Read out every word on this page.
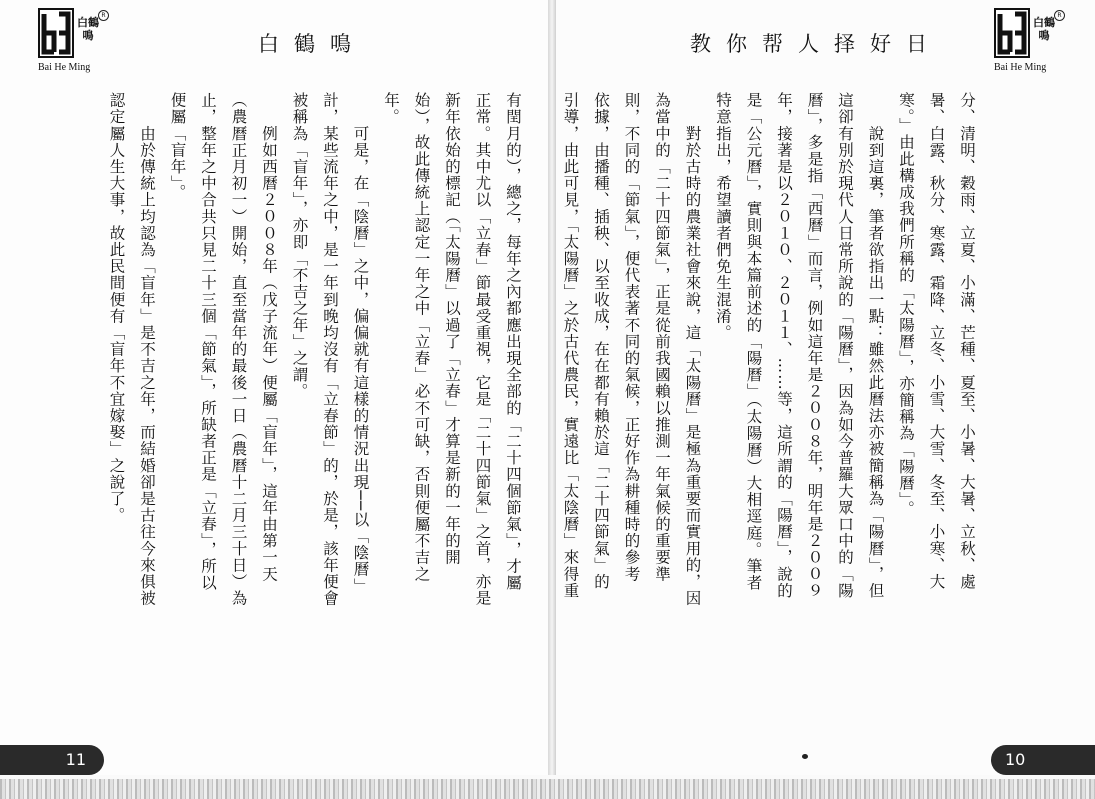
R
白鶴鳴
Bai He Ming
白鶴鳴

有閏月的），總之，每年之內都應出現全部的「二十四個節氣」，才屬

正常。其中尤以「立春」節最受重視，它是「二十四節氣」之首，亦是

新年依始的標記（「太陽曆」以過了「立春」才算是新的一年的開

始），故此傳統上認定一年之中「立春」必不可缺，否則便屬不吉之

年。

　　可是，在「陰曆」之中，偏偏就有這樣的情況出現──以「陰曆」

計，某些流年之中，是一年到晚均沒有「立春節」的，於是，該年便會

被稱為「盲年」，亦即「不吉之年」之謂。

　　例如西曆２００８年（戊子流年）便屬「盲年」，這年由第一天

（農曆正月初一）開始，直至當年的最後一日（農曆十二月三十日）為

止，整年之中合共只見二十三個「節氣」，所缺者正是「立春」，所以

便屬「盲年」。

　　由於傳統上均認為「盲年」是不吉之年，而結婚卻是古往今來俱被

認定屬人生大事，故此民間便有「盲年不宜嫁娶」之說了。

11
教你帮人择好日
R
白鶴鳴
Bai He Ming

分、清明、穀雨、立夏、小滿、芒種、夏至、小暑、大暑、立秋、處

暑、白露、秋分、寒露、霜降、立冬、小雪、大雪、冬至、小寒、大

寒。」由此構成我們所稱的「太陽曆」，亦簡稱為「陽曆」。

　　說到這裏，筆者欲指出一點：雖然此曆法亦被簡稱為「陽曆」，但

這卻有別於現代人日常所說的「陽曆」，因為如今普羅大眾口中的「陽

曆」，多是指「西曆」而言，例如這年是２００８年，明年是２００９

年，接著是以２０１０、２０１１、……等，這所謂的「陽曆」，說的

是「公元曆」，實則與本篇前述的「陽曆」（太陽曆）大相逕庭。筆者

特意指出，希望讀者們免生混淆。

　　對於古時的農業社會來說，這「太陽曆」是極為重要而實用的，因

為當中的「二十四節氣」，正是從前我國賴以推測一年氣候的重要準

則，不同的「節氣」，便代表著不同的氣候，正好作為耕種時的參考

依據，由播種、插秧、以至收成，在在都有賴於這「二十四節氣」的

引導，由此可見，「太陽曆」之於古代農民，實遠比「太陰曆」來得重

10
